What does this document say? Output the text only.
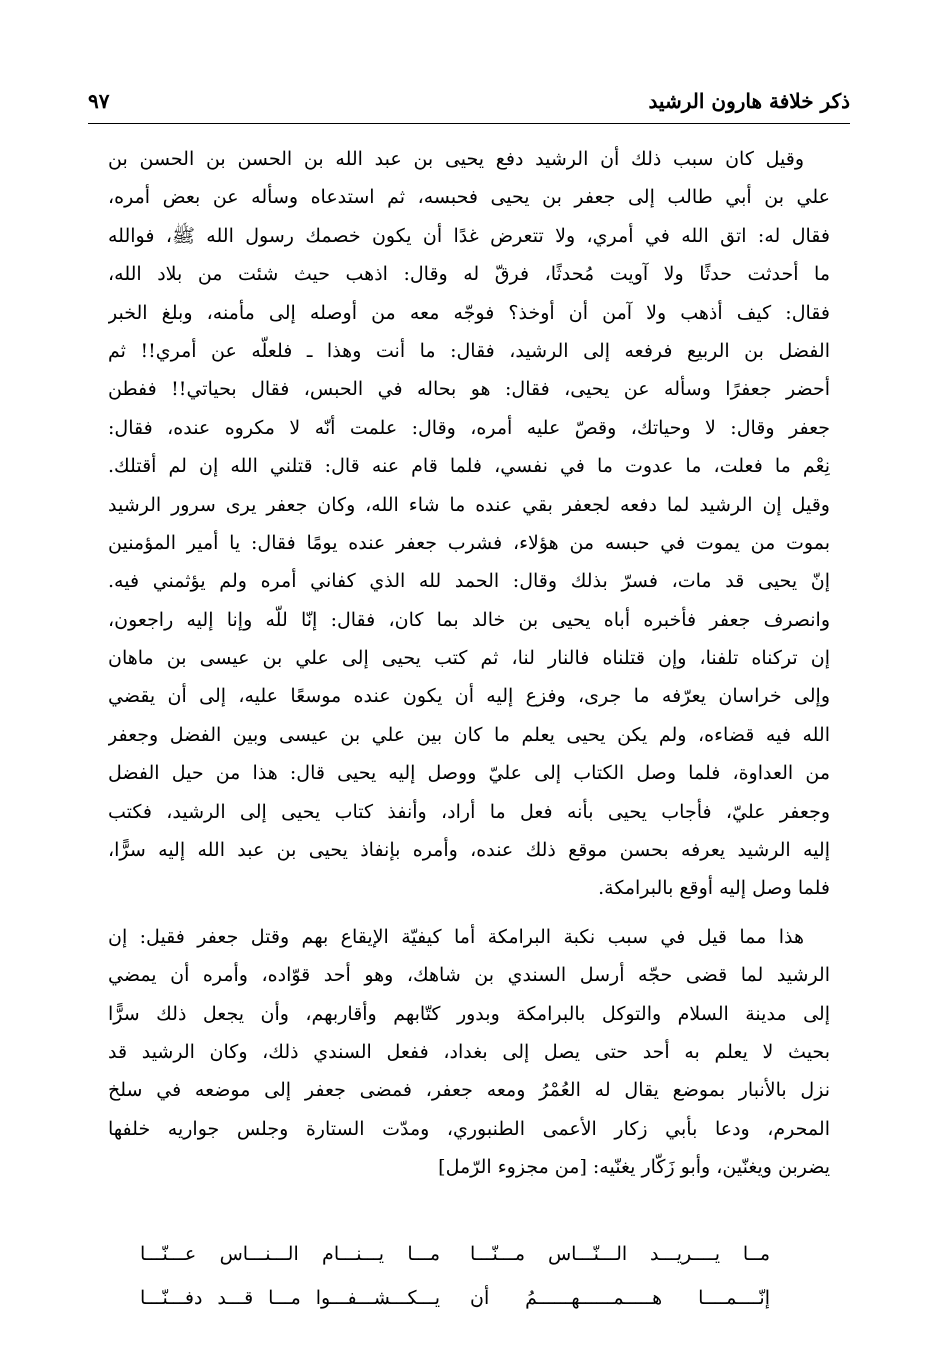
ذكر خلافة هارون الرشيد
٩٧
وقيل كان سبب ذلك أن الرشيد دفع يحيى بن عبد الله بن الحسن بن الحسن بن
علي بن أبي طالب إلى جعفر بن يحيى فحبسه، ثم استدعاه وسأله عن بعض أمره،
فقال له: اتق الله في أمري، ولا تتعرض غدًا أن يكون خصمك رسول الله ﷺ، فوالله
ما أحدثت حدثًا ولا آويت مُحدثًا، فرقّ له وقال: اذهب حيث شئت من بلاد الله،
فقال: كيف أذهب ولا آمن أن أوخذ؟ فوجّه معه من أوصله إلى مأمنه، وبلغ الخبر
الفضل بن الربيع فرفعه إلى الرشيد، فقال: ما أنت وهذا ـ فلعلّه عن أمري!! ثم
أحضر جعفرًا وسأله عن يحيى، فقال: هو بحاله في الحبس، فقال بحياتي!! ففطن
جعفر وقال: لا وحياتك، وقصّ عليه أمره، وقال: علمت أنّه لا مكروه عنده، فقال:
نِعْم ما فعلت، ما عدوت ما في نفسي، فلما قام عنه قال: قتلني الله إن لم أقتلك.
وقيل إن الرشيد لما دفعه لجعفر بقي عنده ما شاء الله، وكان جعفر يرى سرور الرشيد
بموت من يموت في حبسه من هؤلاء، فشرب جعفر عنده يومًا فقال: يا أمير المؤمنين
إنّ يحيى قد مات، فسرّ بذلك وقال: الحمد لله الذي كفاني أمره ولم يؤثمني فيه.
وانصرف جعفر فأخبره أباه يحيى بن خالد بما كان، فقال: إنّا للّه وإنا إليه راجعون،
إن تركناه تلفنا، وإن قتلناه فالنار لنا، ثم كتب يحيى إلى علي بن عيسى بن ماهان
وإلى خراسان يعرّفه ما جرى، وفزع إليه أن يكون عنده موسعًا عليه، إلى أن يقضي
الله فيه قضاءه، ولم يكن يحيى يعلم ما كان بين علي بن عيسى وبين الفضل وجعفر
من العداوة، فلما وصل الكتاب إلى عليّ ووصل إليه يحيى قال: هذا من حيل الفضل
وجعفر عليّ، فأجاب يحيى بأنه فعل ما أراد، وأنفذ كتاب يحيى إلى الرشيد، فكتب
إليه الرشيد يعرفه بحسن موقع ذلك عنده، وأمره بإنفاذ يحيى بن عبد الله إليه سرًّا،
فلما وصل إليه أوقع بالبرامكة.
هذا مما قيل في سبب نكبة البرامكة أما كيفيّة الإيقاع بهم وقتل جعفر فقيل: إن
الرشيد لما قضى حجّه أرسل السندي بن شاهك، وهو أحد قوّاده، وأمره أن يمضي
إلى مدينة السلام والتوكل بالبرامكة وبدور كتّابهم وأقاربهم، وأن يجعل ذلك سرًّا
بحيث لا يعلم به أحد حتى يصل إلى بغداد، ففعل السندي ذلك، وكان الرشيد قد
نزل بالأنبار بموضع يقال له العُمْرُ ومعه جعفر، فمضى جعفر إلى موضعه في سلخ
المحرم، ودعا بأبي زكار الأعمى الطنبوري، ومدّت الستارة وجلس جواريه خلفها
يضربن ويغنّين، وأبو زَكّار يغنّيه: [من مجزوء الرّمل]
مــا يــــريـــد الـــنّـــاس مـــنّـــا
مـــا يـــنـــام الـــنـــاس عـــنّـــا
إنّــــمــــا هـــــمــــــهــــــمُ أن
يـــكـــشـــفـــوا مـــا قـــد دفـــنّـــا
